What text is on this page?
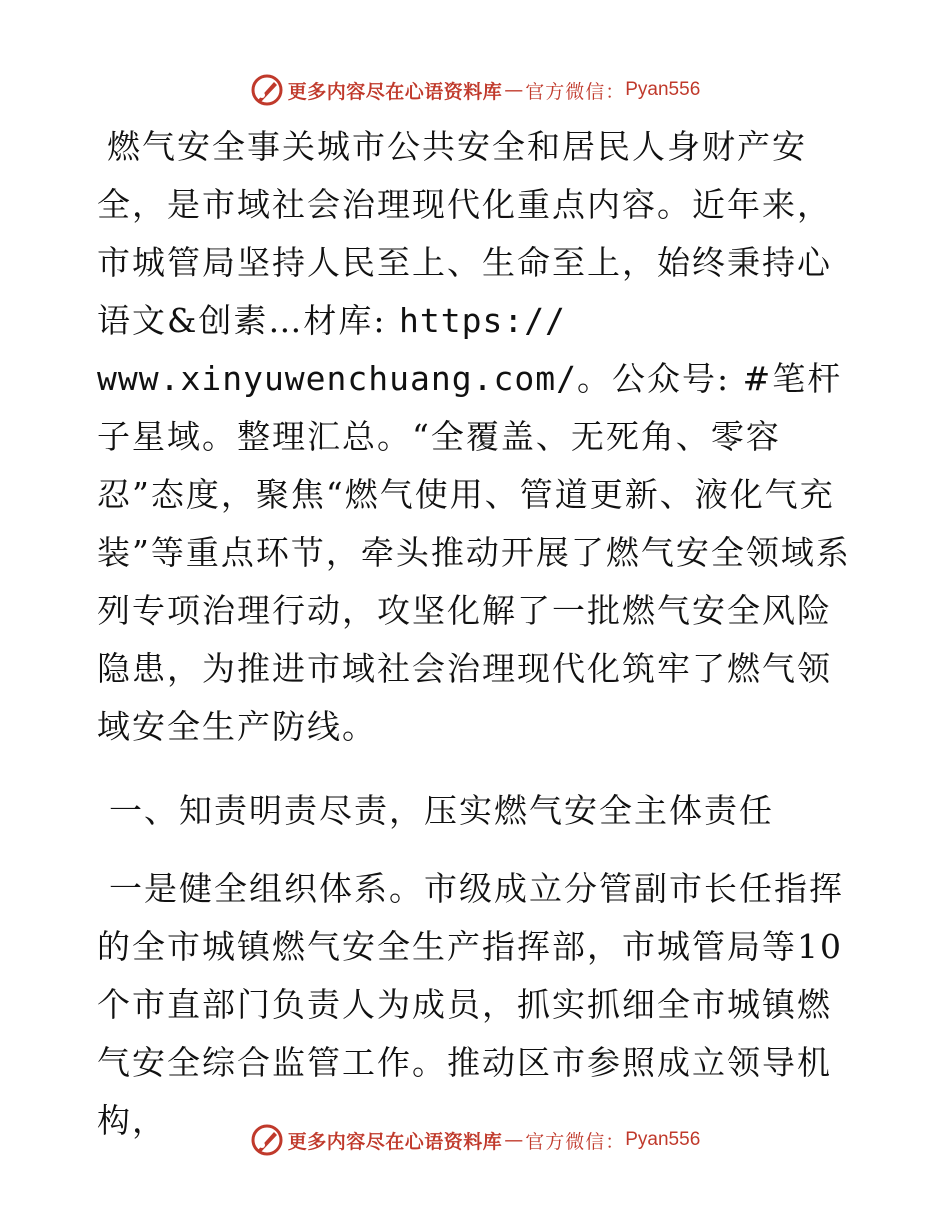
更多内容尽在心语资料库 — 官方微信： Pyan556

燃气安全事关城市公共安全和居民人身财产安全，是市域社会治理现代化重点内容。近年来，市城管局坚持人民至上、生命至上，始终秉持心语文&创素…材库: https://
www.xinyuwenchuang.com/。公众号: #笔杆子星域。整理汇总。“全覆盖、无死角、零容忍”态度，聚焦“燃气使用、管道更新、液化气充装”等重点环节，牵头推动开展了燃气安全领域系列专项治理行动，攻坚化解了一批燃气安全风险隐患，为推进市域社会治理现代化筑牢了燃气领域安全生产防线。

一、知责明责尽责，压实燃气安全主体责任

一是健全组织体系。市级成立分管副市长任指挥的全市城镇燃气安全生产指挥部，市城管局等10个市直部门负责人为成员，抓实抓细全市城镇燃气安全综合监管工作。推动区市参照成立领导机构，

更多内容尽在心语资料库 — 官方微信： Pyan556
